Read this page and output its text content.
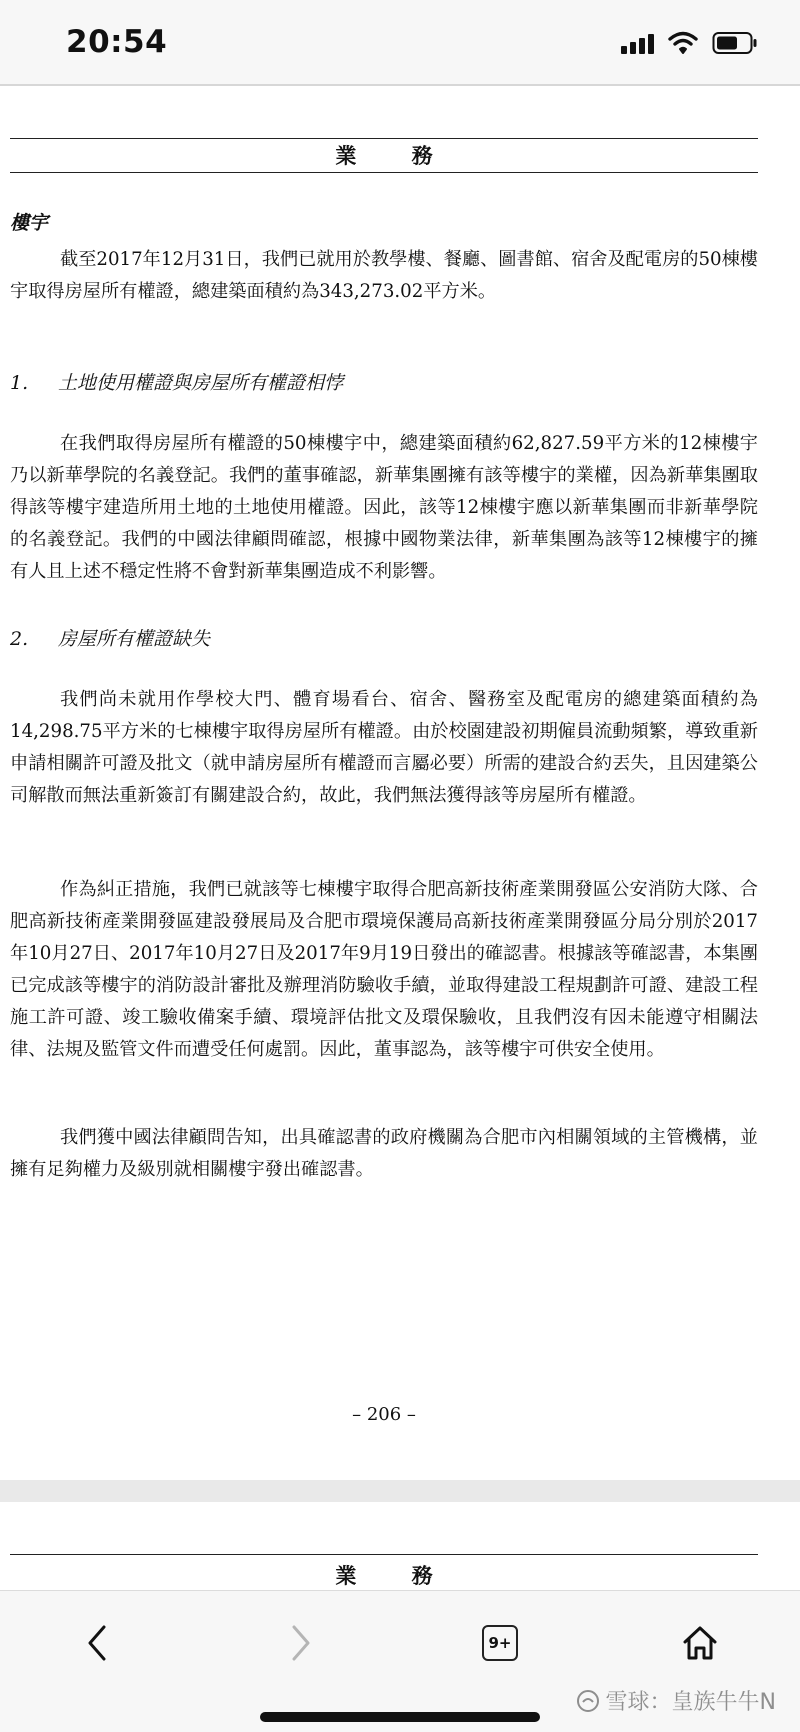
20:54
業 務
樓宇

截至2017年12月31日，我們已就用於教學樓、餐廳、圖書館、宿舍及配電房的50棟樓宇取得房屋所有權證，總建築面積約為343,273.02平方米。

1. 土地使用權證與房屋所有權證相悖

在我們取得房屋所有權證的50棟樓宇中，總建築面積約62,827.59平方米的12棟樓宇乃以新華學院的名義登記。我們的董事確認，新華集團擁有該等樓宇的業權，因為新華集團取得該等樓宇建造所用土地的土地使用權證。因此，該等12棟樓宇應以新華集團而非新華學院的名義登記。我們的中國法律顧問確認，根據中國物業法律，新華集團為該等12棟樓宇的擁有人且上述不穩定性將不會對新華集團造成不利影響。

2. 房屋所有權證缺失

我們尚未就用作學校大門、體育場看台、宿舍、醫務室及配電房的總建築面積約為14,298.75平方米的七棟樓宇取得房屋所有權證。由於校園建設初期僱員流動頻繁，導致重新申請相關許可證及批文（就申請房屋所有權證而言屬必要）所需的建設合約丟失，且因建築公司解散而無法重新簽訂有關建設合約，故此，我們無法獲得該等房屋所有權證。

作為糾正措施，我們已就該等七棟樓宇取得合肥高新技術產業開發區公安消防大隊、合肥高新技術產業開發區建設發展局及合肥市環境保護局高新技術產業開發區分局分別於2017年10月27日、2017年10月27日及2017年9月19日發出的確認書。根據該等確認書，本集團已完成該等樓宇的消防設計審批及辦理消防驗收手續，並取得建設工程規劃許可證、建設工程施工許可證、竣工驗收備案手續、環境評估批文及環保驗收，且我們沒有因未能遵守相關法律、法規及監管文件而遭受任何處罰。因此，董事認為，該等樓宇可供安全使用。

我們獲中國法律顧問告知，出具確認書的政府機關為合肥市內相關領域的主管機構，並擁有足夠權力及級別就相關樓宇發出確認書。

– 206 –
業 務
9+
雪球：皇族牛牛N
